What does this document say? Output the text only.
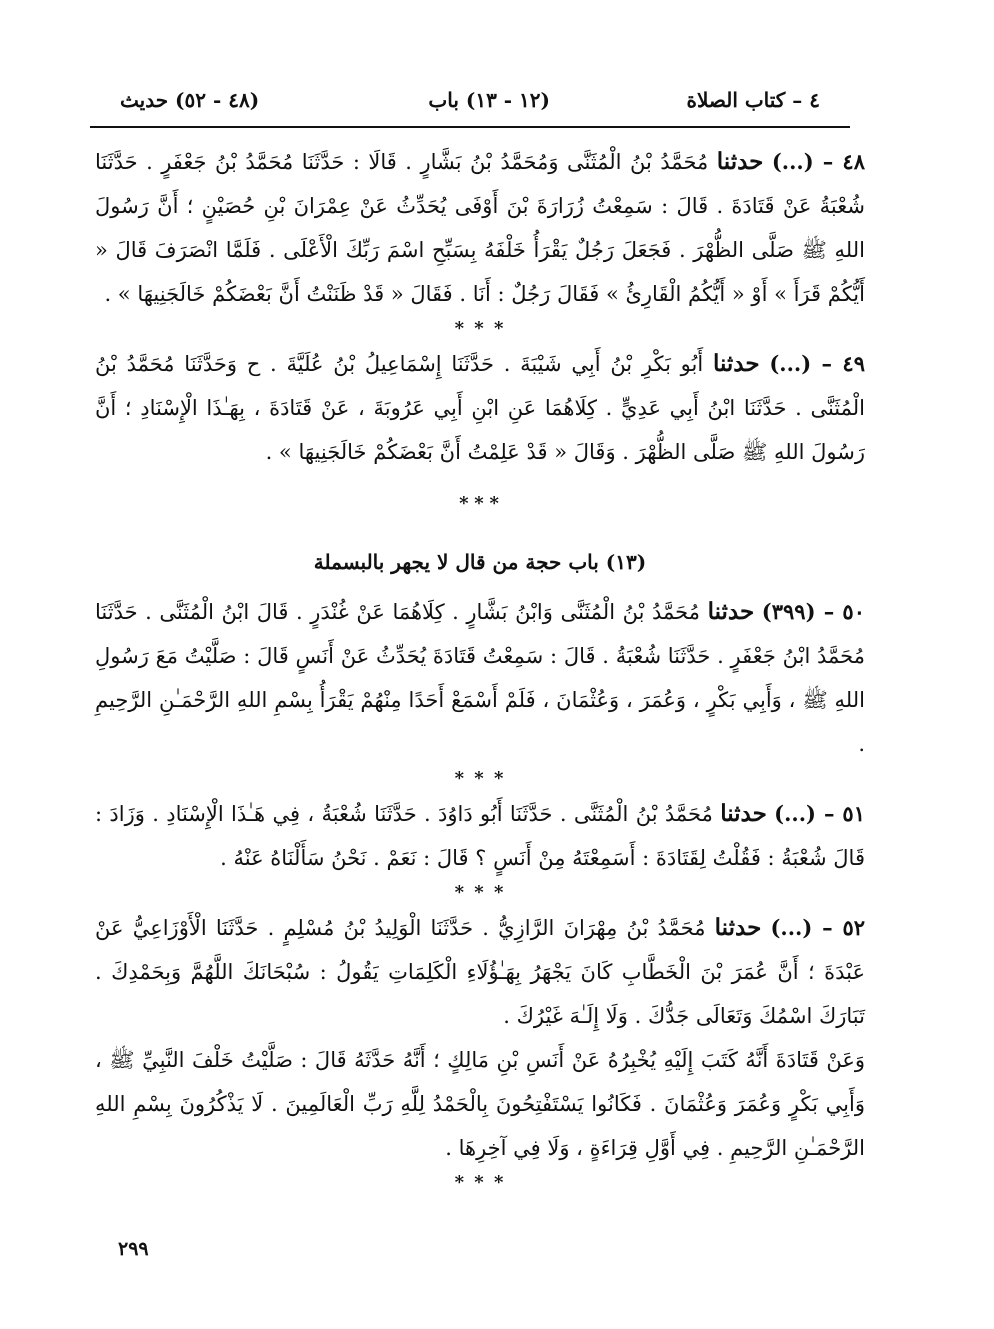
٤ – كتاب الصلاة
(١٢ - ١٣) باب
(٤٨ - ٥٢) حديث

٤٨ – (...) حدثنا مُحَمَّدُ بْنُ الْمُثَنَّى وَمُحَمَّدُ بْنُ بَشَّارٍ . قَالَا : حَدَّثَنَا مُحَمَّدُ بْنُ جَعْفَرٍ . حَدَّثَنَا شُعْبَةُ عَنْ قَتَادَةَ . قَالَ : سَمِعْتُ زُرَارَةَ بْنَ أَوْفَى يُحَدِّثُ عَنْ عِمْرَانَ بْنِ حُصَيْنٍ ؛ أَنَّ رَسُولَ اللهِ ﷺ صَلَّى الظُّهْرَ . فَجَعَلَ رَجُلٌ يَقْرَأُ خَلْفَهُ بِسَبِّحِ اسْمَ رَبِّكَ الْأَعْلَى . فَلَمَّا انْصَرَفَ قَالَ « أَيُّكُمْ قَرَأَ » أَوْ « أَيُّكُمُ الْقَارِئُ » فَقَالَ رَجُلٌ : أَنَا . فَقَالَ « قَدْ ظَنَنْتُ أَنَّ بَعْضَكُمْ خَالَجَنِيهَا » .

* * *

٤٩ – (...) حدثنا أَبُو بَكْرِ بْنُ أَبِي شَيْبَةَ . حَدَّثَنَا إِسْمَاعِيلُ بْنُ عُلَيَّةَ . ح وَحَدَّثَنَا مُحَمَّدُ بْنُ الْمُثَنَّى . حَدَّثَنَا ابْنُ أَبِي عَدِيٍّ . كِلَاهُمَا عَنِ ابْنِ أَبِي عَرُوبَةَ ، عَنْ قَتَادَةَ ، بِهَـٰذَا الْإِسْنَادِ ؛ أَنَّ رَسُولَ اللهِ ﷺ صَلَّى الظُّهْرَ . وَقَالَ « قَدْ عَلِمْتُ أَنَّ بَعْضَكُمْ خَالَجَنِيهَا » .

* * *
(١٣) باب حجة من قال لا يجهر بالبسملة

٥٠ – (٣٩٩) حدثنا مُحَمَّدُ بْنُ الْمُثَنَّى وَابْنُ بَشَّارٍ . كِلَاهُمَا عَنْ غُنْدَرٍ . قَالَ ابْنُ الْمُثَنَّى . حَدَّثَنَا مُحَمَّدُ ابْنُ جَعْفَرٍ . حَدَّثَنَا شُعْبَةُ . قَالَ : سَمِعْتُ قَتَادَةَ يُحَدِّثُ عَنْ أَنَسٍ قَالَ : صَلَّيْتُ مَعَ رَسُولِ اللهِ ﷺ ، وَأَبِي بَكْرٍ ، وَعُمَرَ ، وَعُثْمَانَ ، فَلَمْ أَسْمَعْ أَحَدًا مِنْهُمْ يَقْرَأُ بِسْمِ اللهِ الرَّحْمَـٰنِ الرَّحِيمِ .

* * *

٥١ – (...) حدثنا مُحَمَّدُ بْنُ الْمُثَنَّى . حَدَّثَنَا أَبُو دَاوُدَ . حَدَّثَنَا شُعْبَةُ ، فِي هَـٰذَا الْإِسْنَادِ . وَزَادَ : قَالَ شُعْبَةُ : فَقُلْتُ لِقَتَادَةَ : أَسَمِعْتَهُ مِنْ أَنَسٍ ؟ قَالَ : نَعَمْ . نَحْنُ سَأَلْنَاهُ عَنْهُ .

* * *

٥٢ – (...) حدثنا مُحَمَّدُ بْنُ مِهْرَانَ الرَّازِيُّ . حَدَّثَنَا الْوَلِيدُ بْنُ مُسْلِمٍ . حَدَّثَنَا الْأَوْزَاعِيُّ عَنْ عَبْدَةَ ؛ أَنَّ عُمَرَ بْنَ الْخَطَّابِ كَانَ يَجْهَرُ بِهَـٰؤُلَاءِ الْكَلِمَاتِ يَقُولُ : سُبْحَانَكَ اللَّهُمَّ وَبِحَمْدِكَ . تَبَارَكَ اسْمُكَ وَتَعَالَى جَدُّكَ . وَلَا إِلَـٰهَ غَيْرُكَ .

وَعَنْ قَتَادَةَ أَنَّهُ كَتَبَ إِلَيْهِ يُخْبِرُهُ عَنْ أَنَسِ بْنِ مَالِكٍ ؛ أَنَّهُ حَدَّثَهُ قَالَ : صَلَّيْتُ خَلْفَ النَّبِيِّ ﷺ ، وَأَبِي بَكْرٍ وَعُمَرَ وَعُثْمَانَ . فَكَانُوا يَسْتَفْتِحُونَ بِالْحَمْدُ لِلَّهِ رَبِّ الْعَالَمِينَ . لَا يَذْكُرُونَ بِسْمِ اللهِ الرَّحْمَـٰنِ الرَّحِيمِ . فِي أَوَّلِ قِرَاءَةٍ ، وَلَا فِي آخِرِهَا .

* * *
٢٩٩
